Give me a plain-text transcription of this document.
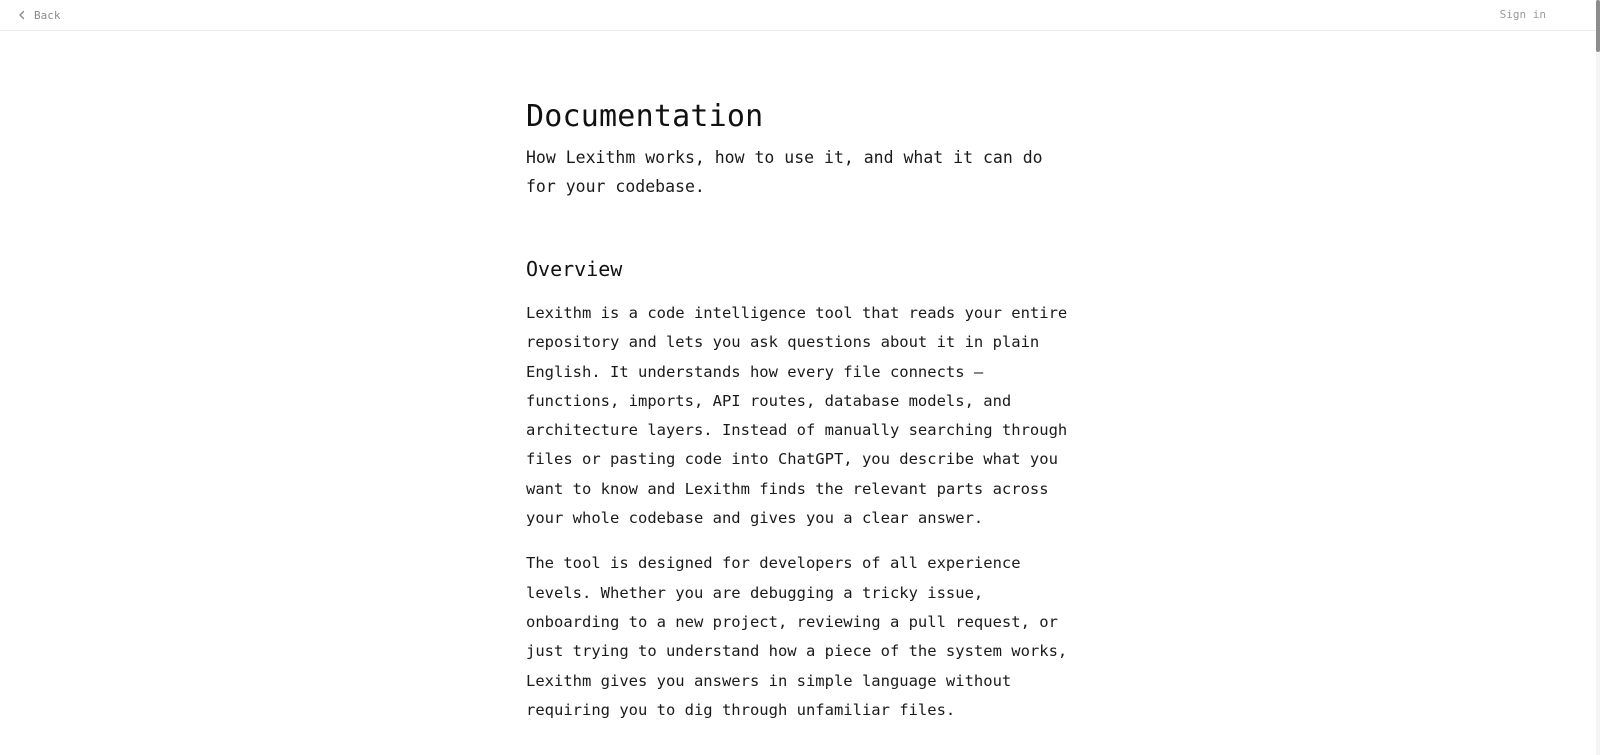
Back	Sign in
Documentation

How Lexithm works, how to use it, and what it can do for your codebase.

Overview

Lexithm is a code intelligence tool that reads your entire repository and lets you ask questions about it in plain English. It understands how every file connects — functions, imports, API routes, database models, and architecture layers. Instead of manually searching through files or pasting code into ChatGPT, you describe what you want to know and Lexithm finds the relevant parts across your whole codebase and gives you a clear answer.

The tool is designed for developers of all experience levels. Whether you are debugging a tricky issue, onboarding to a new project, reviewing a pull request, or just trying to understand how a piece of the system works, Lexithm gives you answers in simple language without requiring you to dig through unfamiliar files.
